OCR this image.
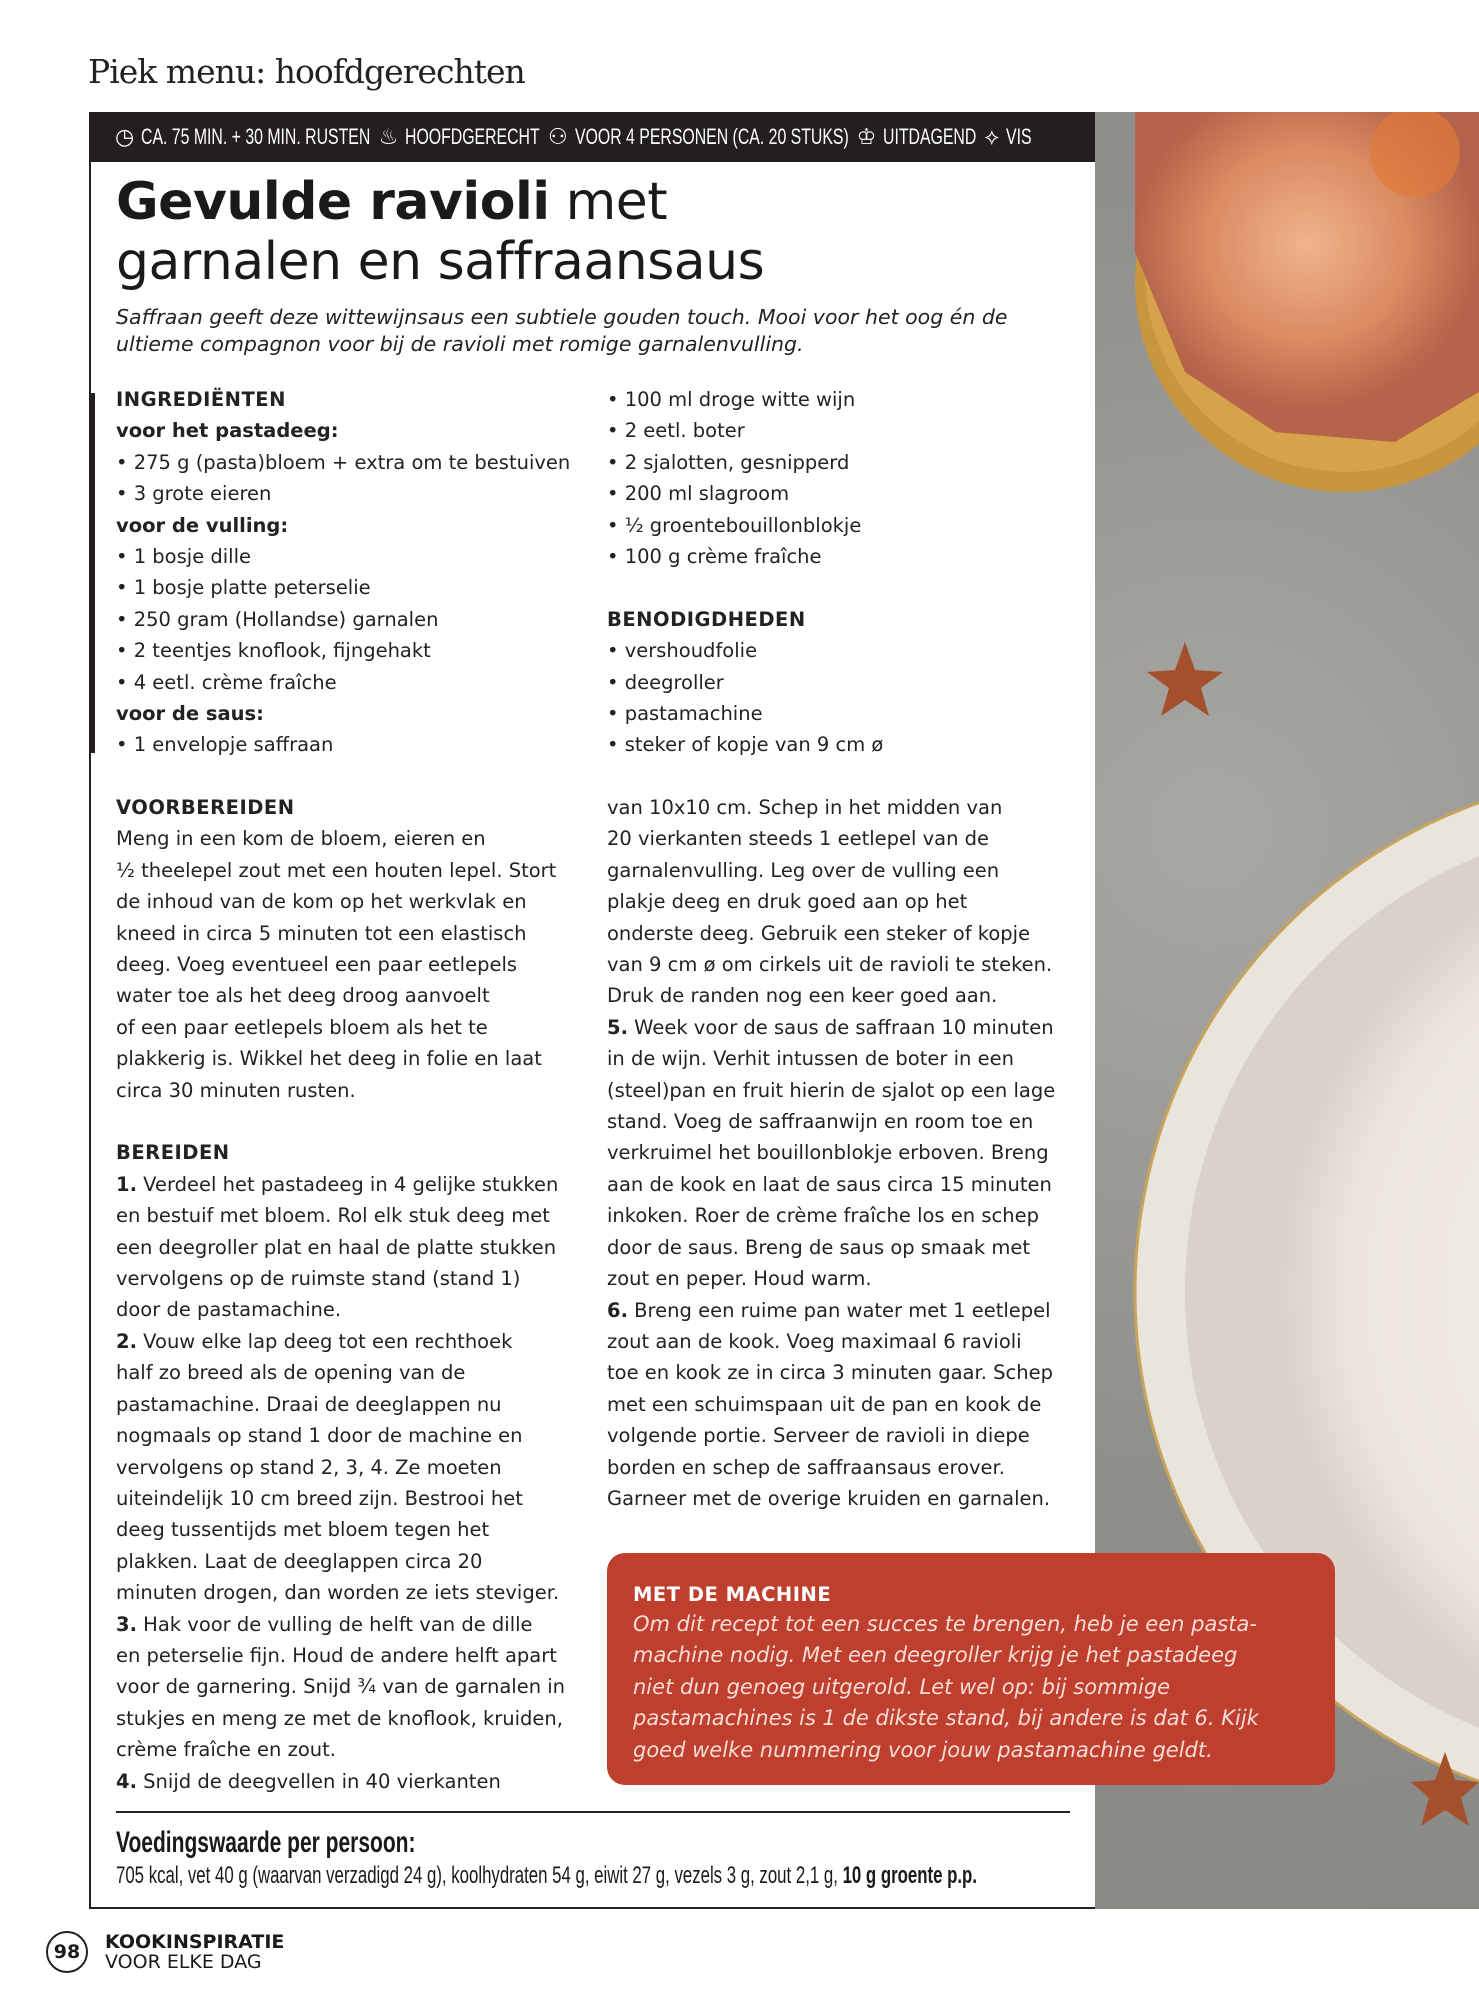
Piek menu: hoofdgerechten
◷ CA. 75 MIN. + 30 MIN. RUSTEN ♨ HOOFDGERECHT ⚇ VOOR 4 PERSONEN (CA. 20 STUKS) ♔ UITDAGEND ⟡ VIS
Gevulde ravioli met
garnalen en saffraansaus
Saffraan geeft deze wittewijnsaus een subtiele gouden touch. Mooi voor het oog én de ultieme compagnon voor bij de ravioli met romige garnalenvulling.
INGREDIËNTEN
voor het pastadeeg:
• 275 g (pasta)bloem + extra om te bestuiven
• 3 grote eieren
voor de vulling:
• 1 bosje dille
• 1 bosje platte peterselie
• 250 gram (Hollandse) garnalen
• 2 teentjes knoflook, fijngehakt
• 4 eetl. crème fraîche
voor de saus:
• 1 envelopje saffraan
• 100 ml droge witte wijn
• 2 eetl. boter
• 2 sjalotten, gesnipperd
• 200 ml slagroom
• ½ groentebouillonblokje
• 100 g crème fraîche
BENODIGDHEDEN
• vershoudfolie
• deegroller
• pastamachine
• steker of kopje van 9 cm ø
VOORBEREIDEN
Meng in een kom de bloem, eieren en
½ theelepel zout met een houten lepel. Stort
de inhoud van de kom op het werkvlak en
kneed in circa 5 minuten tot een elastisch
deeg. Voeg eventueel een paar eetlepels
water toe als het deeg droog aanvoelt
of een paar eetlepels bloem als het te
plakkerig is. Wikkel het deeg in folie en laat
circa 30 minuten rusten.
BEREIDEN
1. Verdeel het pastadeeg in 4 gelijke stukken
en bestuif met bloem. Rol elk stuk deeg met
een deegroller plat en haal de platte stukken
vervolgens op de ruimste stand (stand 1)
door de pastamachine.
2. Vouw elke lap deeg tot een rechthoek
half zo breed als de opening van de
pastamachine. Draai de deeglappen nu
nogmaals op stand 1 door de machine en
vervolgens op stand 2, 3, 4. Ze moeten
uiteindelijk 10 cm breed zijn. Bestrooi het
deeg tussentijds met bloem tegen het
plakken. Laat de deeglappen circa 20
minuten drogen, dan worden ze iets steviger.
3. Hak voor de vulling de helft van de dille
en peterselie fijn. Houd de andere helft apart
voor de garnering. Snijd ¾ van de garnalen in
stukjes en meng ze met de knoflook, kruiden,
crème fraîche en zout.
4. Snijd de deegvellen in 40 vierkanten
van 10x10 cm. Schep in het midden van
20 vierkanten steeds 1 eetlepel van de
garnalenvulling. Leg over de vulling een
plakje deeg en druk goed aan op het
onderste deeg. Gebruik een steker of kopje
van 9 cm ø om cirkels uit de ravioli te steken.
Druk de randen nog een keer goed aan.
5. Week voor de saus de saffraan 10 minuten
in de wijn. Verhit intussen de boter in een
(steel)pan en fruit hierin de sjalot op een lage
stand. Voeg de saffraanwijn en room toe en
verkruimel het bouillonblokje erboven. Breng
aan de kook en laat de saus circa 15 minuten
inkoken. Roer de crème fraîche los en schep
door de saus. Breng de saus op smaak met
zout en peper. Houd warm.
6. Breng een ruime pan water met 1 eetlepel
zout aan de kook. Voeg maximaal 6 ravioli
toe en kook ze in circa 3 minuten gaar. Schep
met een schuimspaan uit de pan en kook de
volgende portie. Serveer de ravioli in diepe
borden en schep de saffraansaus erover.
Garneer met de overige kruiden en garnalen.
MET DE MACHINE
Om dit recept tot een succes te brengen, heb je een pasta-
machine nodig. Met een deegroller krijg je het pastadeeg
niet dun genoeg uitgerold. Let wel op: bij sommige
pastamachines is 1 de dikste stand, bij andere is dat 6. Kijk
goed welke nummering voor jouw pastamachine geldt.
Voedingswaarde per persoon:
705 kcal, vet 40 g (waarvan verzadigd 24 g), koolhydraten 54 g, eiwit 27 g, vezels 3 g, zout 2,1 g, 10 g groente p.p.
98	KOOKINSPIRATIE
VOOR ELKE DAG
